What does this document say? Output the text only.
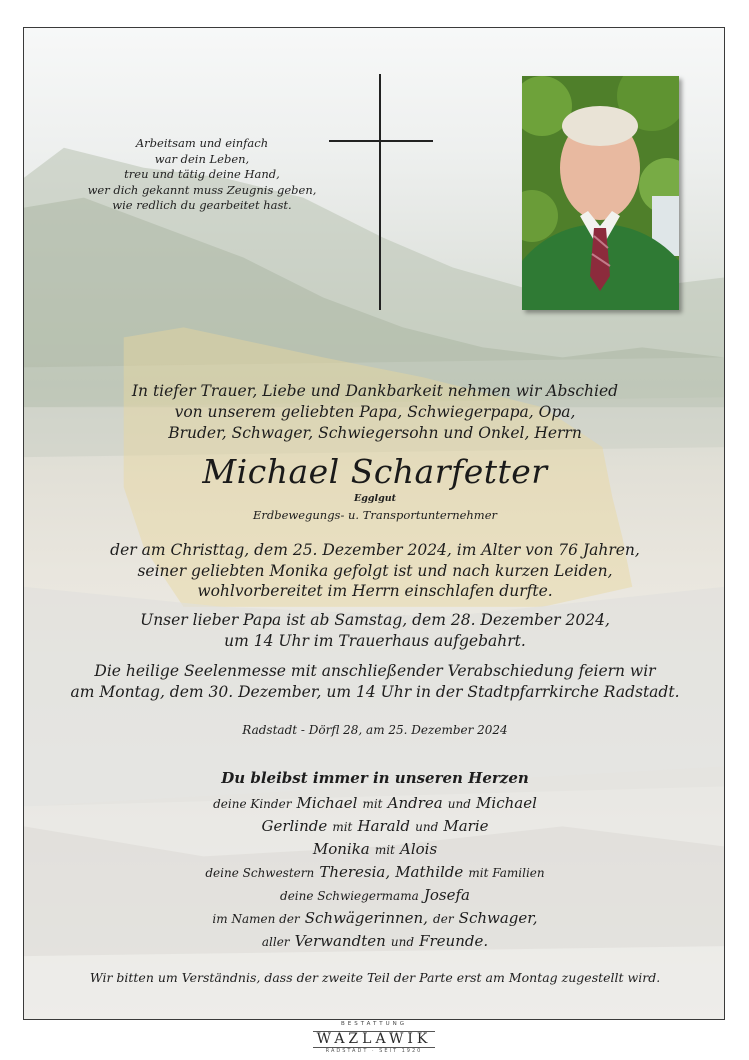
Arbeitsam und einfach
war dein Leben,
treu und tätig deine Hand,
wer dich gekannt muss Zeugnis geben,
wie redlich du gearbeitet hast.
In tiefer Trauer, Liebe und Dankbarkeit nehmen wir Abschied
von unserem geliebten Papa, Schwiegerpapa, Opa,
Bruder, Schwager, Schwiegersohn und Onkel, Herrn
Michael Scharfetter
Egglgut
Erdbewegungs- u. Transportunternehmer
der am Christtag, dem 25. Dezember 2024, im Alter von 76 Jahren,
seiner geliebten Monika gefolgt ist und nach kurzen Leiden,
wohlvorbereitet im Herrn einschlafen durfte.
Unser lieber Papa ist ab Samstag, dem 28. Dezember 2024,
um 14 Uhr im Trauerhaus aufgebahrt.
Die heilige Seelenmesse mit anschließender Verabschiedung feiern wir
am Montag, dem 30. Dezember, um 14 Uhr in der Stadtpfarrkirche Radstadt.
Radstadt - Dörfl 28, am 25. Dezember 2024
Du bleibst immer in unseren Herzen
deine Kinder Michael mit Andrea und Michael
Gerlinde mit Harald und Marie
Monika mit Alois
deine Schwestern Theresia, Mathilde mit Familien
deine Schwiegermama Josefa
im Namen der Schwägerinnen, der Schwager,
aller Verwandten und Freunde.
Wir bitten um Verständnis, dass der zweite Teil der Parte erst am Montag zugestellt wird.
BESTATTUNG
WAZLAWIK
RADSTADT · SEIT 1920
